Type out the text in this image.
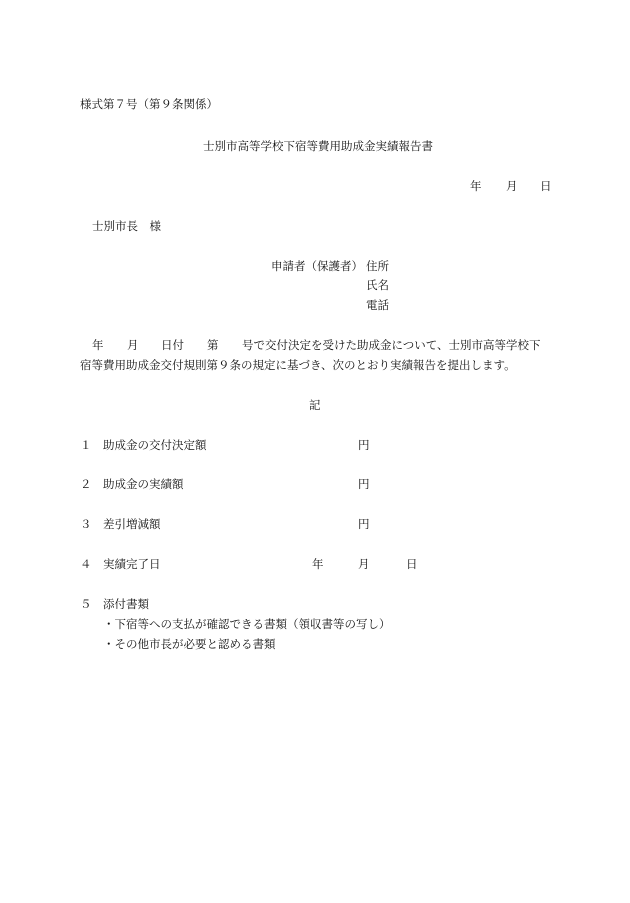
様式第７号（第９条関係）
士別市高等学校下宿等費用助成金実績報告書
年 月 日
士別市長　様
申請者（保護者） 住所
氏名
電話
年 月 日付 第 号で交付決定を受けた助成金について、士別市高等学校下
宿等費用助成金交付規則第９条の規定に基づき、次のとおり実績報告を提出します。
記
１ 助成金の交付決定額	円
２ 助成金の実績額	円
３ 差引増減額	円
４ 実績完了日	年	月	日
５ 添付書類
・下宿等への支払が確認できる書類（領収書等の写し）
・その他市長が必要と認める書類
